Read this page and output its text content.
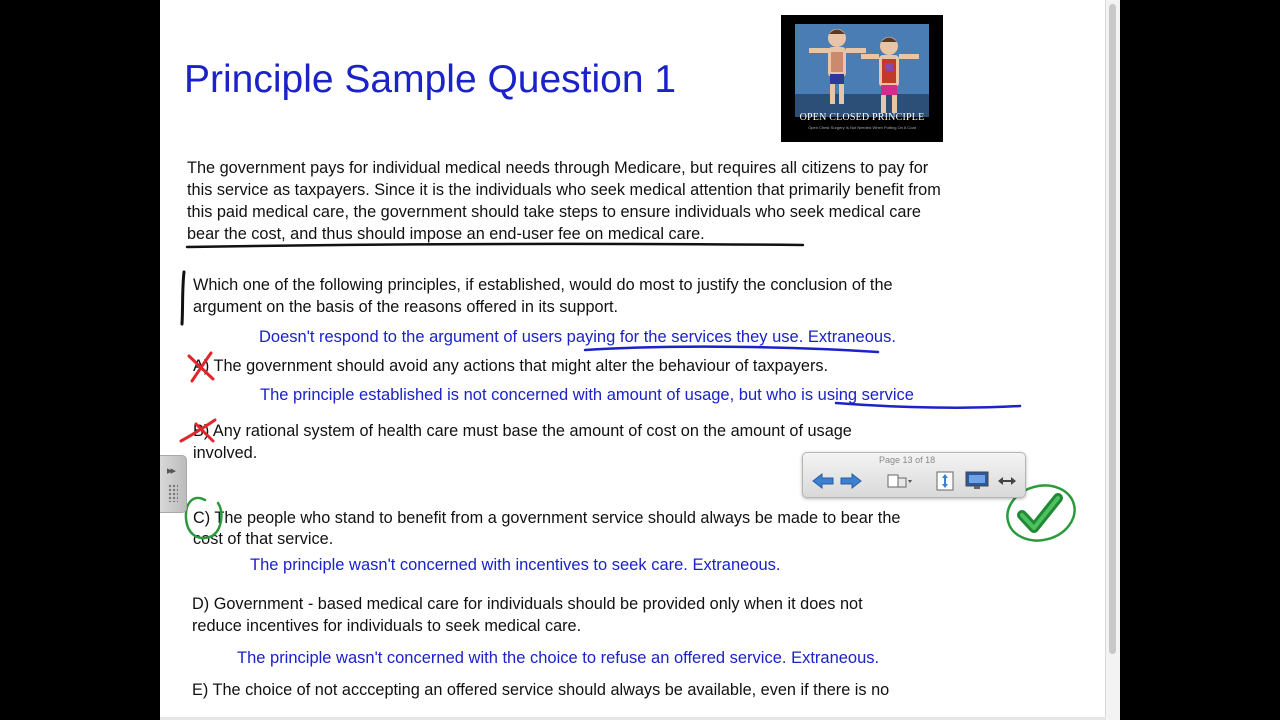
Principle Sample Question 1
OPEN CLOSED PRINCIPLE
Open Chest Surgery Is Not Needed When Putting On A Coat
The government pays for individual medical needs through Medicare, but requires all citizens to pay for
this service as taxpayers. Since it is the individuals who seek medical attention that primarily benefit from
this paid medical care, the government should take steps to ensure individuals who seek medical care
bear the cost, and thus should impose an end-user fee on medical care.
Which one of the following principles, if established, would do most to justify the conclusion of the
argument on the basis of the reasons offered in its support.
Doesn't respond to the argument of users paying for the services they use. Extraneous.
A) The government should avoid any actions that might alter the behaviour of taxpayers.
The principle established is not concerned with amount of usage, but who is using service
B) Any rational system of health care must base the amount of cost on the amount of usage
involved.
C) The people who stand to benefit from a government service should always be made to bear the
cost of that service.
The principle wasn't concerned with incentives to seek care. Extraneous.
D) Government - based medical care for individuals should be provided only when it does not
reduce incentives for individuals to seek medical care.
The principle wasn't concerned with the choice to refuse an offered service. Extraneous.
E) The choice of not acccepting an offered service should always be available, even if there is no
Page 13 of 18
▸▸
